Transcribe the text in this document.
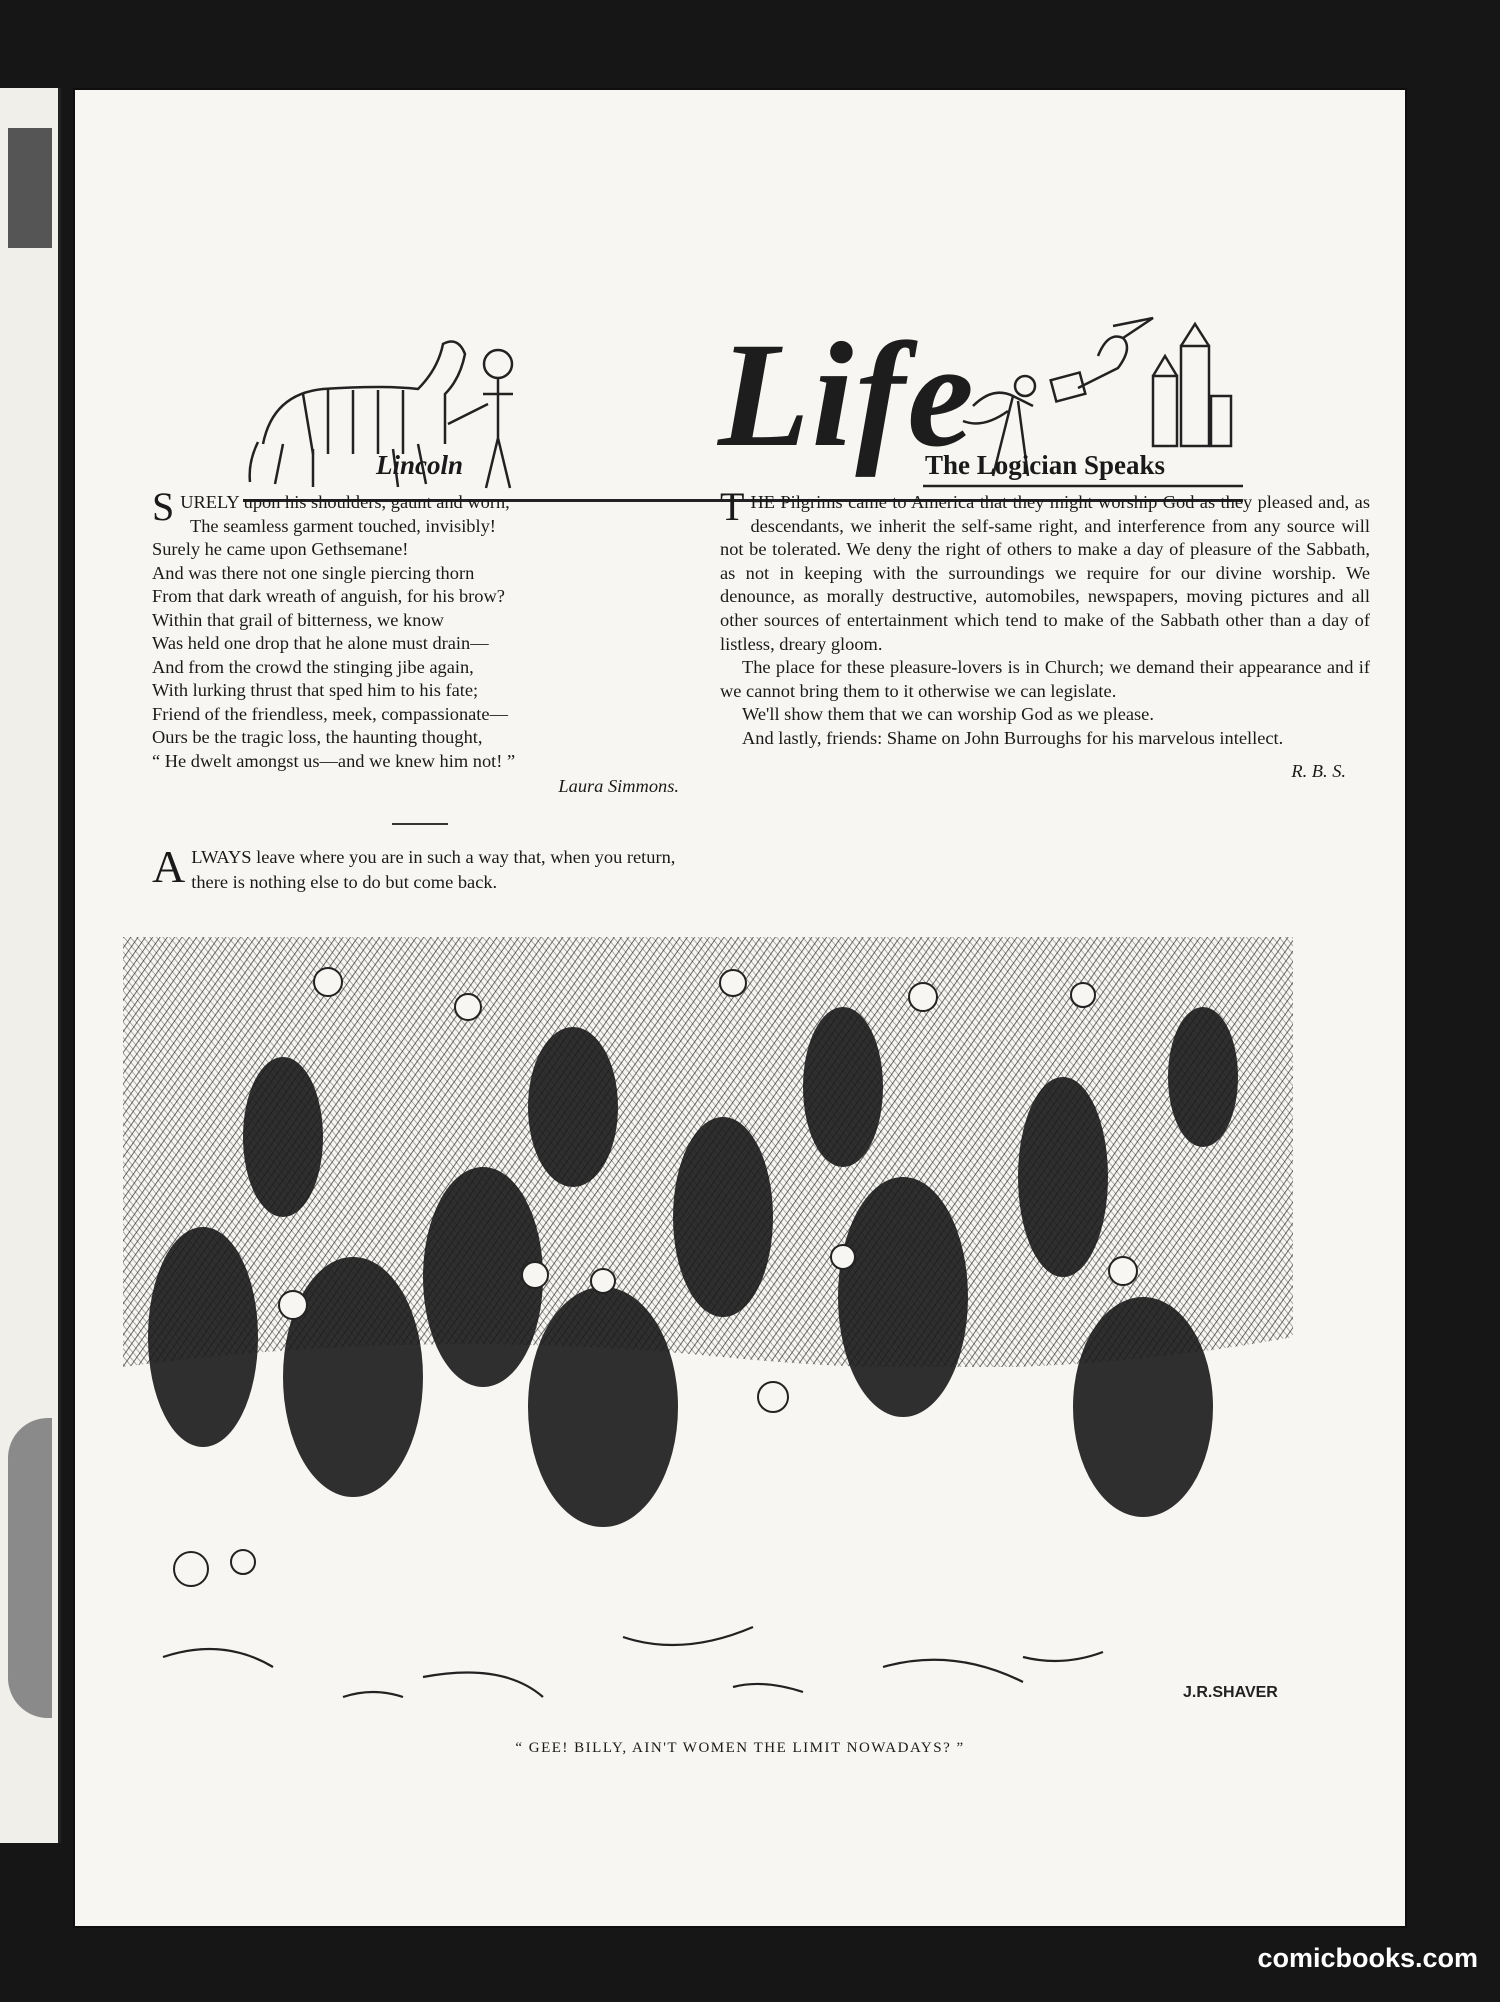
Life
Lincoln
SURELY upon his shoulders, gaunt and worn,
The seamless garment touched, invisibly!
Surely he came upon Gethsemane!
And was there not one single piercing thorn
From that dark wreath of anguish, for his brow?
Within that grail of bitterness, we know
Was held one drop that he alone must drain—
And from the crowd the stinging jibe again,
With lurking thrust that sped him to his fate;
Friend of the friendless, meek, compassionate—
Ours be the tragic loss, the haunting thought,
“ He dwelt amongst us—and we knew him not! ”
Laura Simmons.
ALWAYS leave where you are in such a way that, when you return, there is nothing else to do but come back.
The Logician Speaks

THE Pilgrims came to America that they might worship God as they pleased and, as descendants, we inherit the self-same right, and interference from any source will not be tolerated. We deny the right of others to make a day of pleasure of the Sabbath, as not in keeping with the surroundings we require for our divine worship. We denounce, as morally destructive, automobiles, newspapers, moving pictures and all other sources of entertainment which tend to make of the Sabbath other than a day of listless, dreary gloom.

The place for these pleasure-lovers is in Church; we demand their appearance and if we cannot bring them to it otherwise we can legislate.

We'll show them that we can worship God as we please.

And lastly, friends: Shame on John Burroughs for his marvelous intellect.

R. B. S.
J.R.SHAVER
“ GEE! BILLY, AIN'T WOMEN THE LIMIT NOWADAYS? ”
comicbooks.com
